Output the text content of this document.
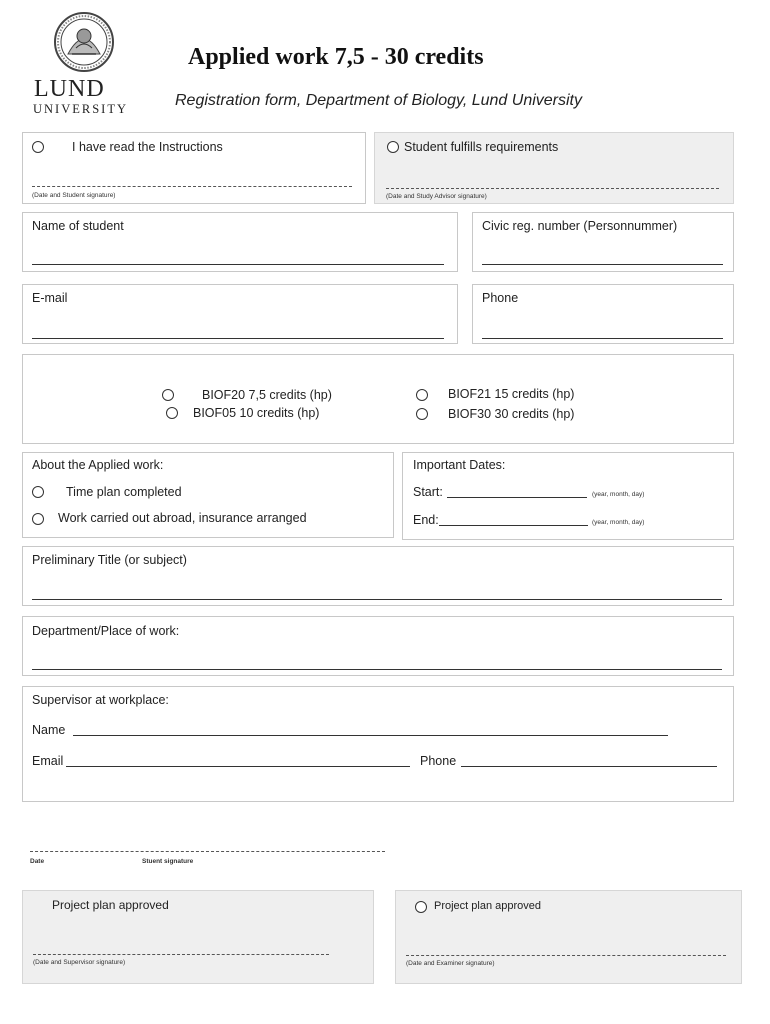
LUND
UNIVERSITY
Applied work 7,5 - 30 credits
Registration form, Department of Biology, Lund University
I have read the Instructions
(Date and Student signature)
Student fulfills requirements
(Date and Study Advisor signature)
Name of student	Civic reg. number (Personnummer)
E-mail	Phone
BIOF20 7,5 credits (hp)
BIOF05 10 credits (hp)
BIOF21 15 credits (hp)
BIOF30 30 credits (hp)
About the Applied work:
Time plan completed
Work carried out abroad, insurance arranged
Important Dates:
Start:	(year, month, day)
End:	(year, month, day)
Preliminary Title (or subject)
Department/Place of work:
Supervisor at workplace:
Name
Email	Phone
Date	Stuent signature
Project plan approved
(Date and Supervisor signature)
Project plan approved
(Date and Examiner signature)
